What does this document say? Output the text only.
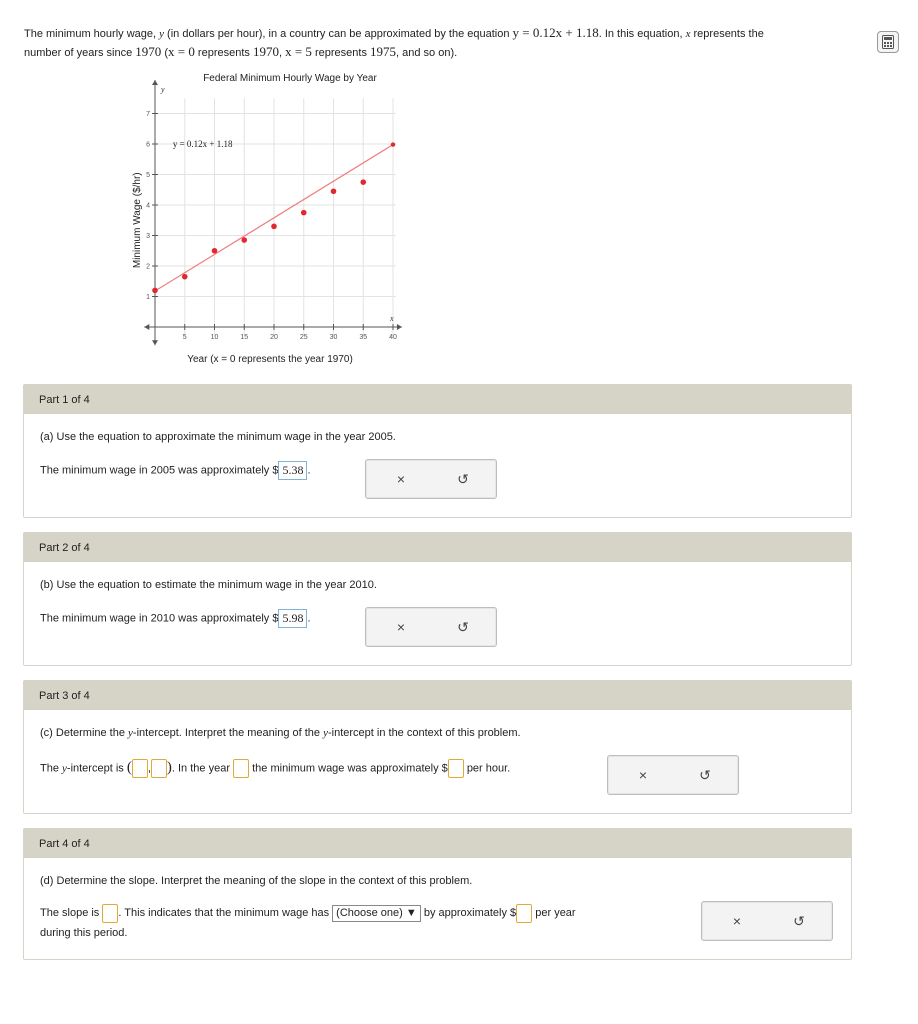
The minimum hourly wage, y (in dollars per hour), in a country can be approximated by the equation y = 0.12x + 1.18. In this equation, x represents the
number of years since 1970 (x = 0 represents 1970, x = 5 represents 1975, and so on).
Federal Minimum Hourly Wage by Year
y
x
5	10	15	20	25	30	35	40
1
2
3
4
5
6
7
Year (x = 0 represents the year 1970)
Minimum Wage ($/hr)
y = 0.12x + 1.18
Part 1 of 4
(a) Use the equation to approximate the minimum wage in the year 2005.
The minimum wage in 2005 was approximately $ 5.38 .
×	↺
Part 2 of 4
(b) Use the equation to estimate the minimum wage in the year 2010.
The minimum wage in 2010 was approximately $ 5.98 .
×	↺
Part 3 of 4
(c) Determine the y-intercept. Interpret the meaning of the y-intercept in the context of this problem.
The y-intercept is ( , ). In the year the minimum wage was approximately $ per hour.	×	↺
Part 4 of 4
(d) Determine the slope. Interpret the meaning of the slope in the context of this problem.
The slope is . This indicates that the minimum wage has (Choose one) ▼ by approximately $ per year
during this period.
×	↺
